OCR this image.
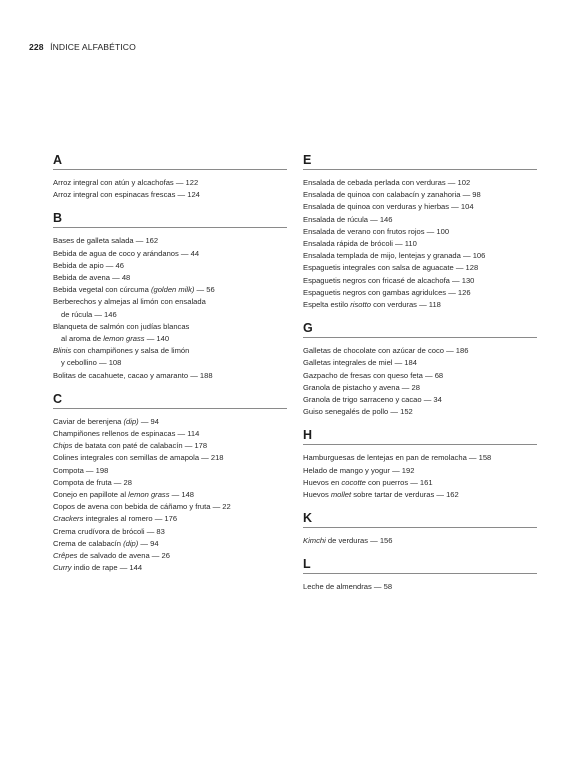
228 ÍNDICE ALFABÉTICO
A
Arroz integral con atún y alcachofas — 122
Arroz integral con espinacas frescas — 124
B
Bases de galleta salada — 162
Bebida de agua de coco y arándanos — 44
Bebida de apio — 46
Bebida de avena — 48
Bebida vegetal con cúrcuma (golden milk) — 56
Berberechos y almejas al limón con ensalada
de rúcula — 146
Blanqueta de salmón con judías blancas
al aroma de lemon grass — 140
Blinis con champiñones y salsa de limón
y cebollino — 108
Bolitas de cacahuete, cacao y amaranto — 188
C
Caviar de berenjena (dip) — 94
Champiñones rellenos de espinacas — 114
Chips de batata con paté de calabacín — 178
Colines integrales con semillas de amapola — 218
Compota — 198
Compota de fruta — 28
Conejo en papillote al lemon grass — 148
Copos de avena con bebida de cáñamo y fruta — 22
Crackers integrales al romero — 176
Crema crudívora de brócoli — 83
Crema de calabacín (dip) — 94
Crêpes de salvado de avena — 26
Curry indio de rape — 144
E
Ensalada de cebada perlada con verduras — 102
Ensalada de quinoa con calabacín y zanahoria — 98
Ensalada de quinoa con verduras y hierbas — 104
Ensalada de rúcula — 146
Ensalada de verano con frutos rojos — 100
Ensalada rápida de brócoli — 110
Ensalada templada de mijo, lentejas y granada — 106
Espaguetis integrales con salsa de aguacate — 128
Espaguetis negros con fricasé de alcachofa — 130
Espaguetis negros con gambas agridulces — 126
Espelta estilo risotto con verduras — 118
G
Galletas de chocolate con azúcar de coco — 186
Galletas integrales de miel — 184
Gazpacho de fresas con queso feta — 68
Granola de pistacho y avena — 28
Granola de trigo sarraceno y cacao — 34
Guiso senegalés de pollo — 152
H
Hamburguesas de lentejas en pan de remolacha — 158
Helado de mango y yogur — 192
Huevos en cocotte con puerros — 161
Huevos mollet sobre tartar de verduras — 162
K
Kimchi de verduras — 156
L
Leche de almendras — 58
